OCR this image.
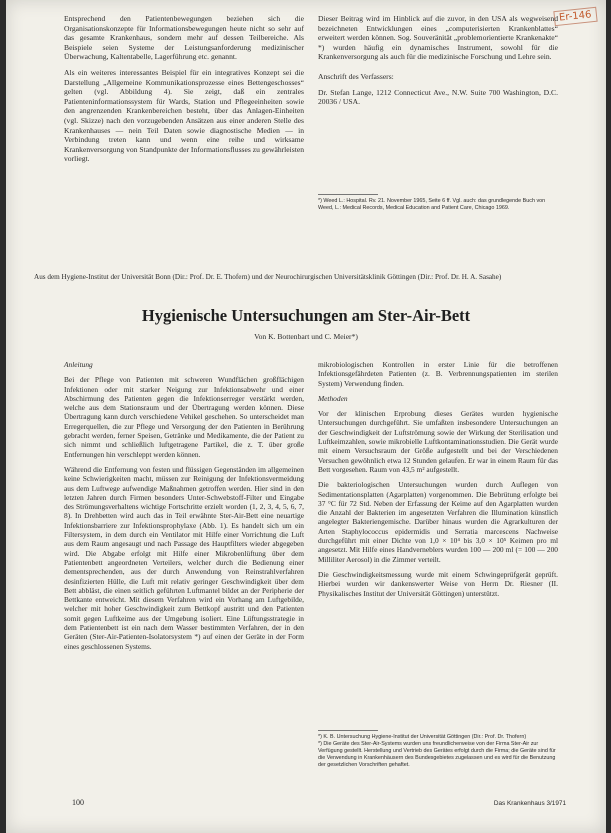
Er-146

Entsprechend den Patientenbewegungen beziehen sich die Organisationskonzepte für Informationsbewegungen heute nicht so sehr auf das gesamte Krankenhaus, sondern mehr auf dessen Teilbereiche. Als Beispiele seien Systeme der Leistungsanforderung medizinischer Überwachung, Kaltentabelle, Lagerführung etc. genannt.

Als ein weiteres interessantes Beispiel für ein integratives Konzept sei die Darstellung „Allgemeine Kommunikationsprozesse eines Bettengeschosses“ gelten (vgl. Abbildung 4). Sie zeigt, daß ein zentrales Patienteninformationssystem für Wards, Station und Pflegeeinheiten sowie den angrenzenden Krankenbereichen besteht, über das Anlagen-Einheiten (vgl. Skizze) nach den vorzugebenden Ansätzen aus einer anderen Stelle des Krankenhauses — nein Teil Daten sowie diagnostische Medien — in Verbindung treten kann und wenn eine reihe und wirksame Krankenversorgung von Standpunkte der Informationsflusses zu gewährleisten vorliegt.

Dieser Beitrag wird im Hinblick auf die zuvor, in den USA als wegweisend bezeichneten Entwicklungen eines „computerisierten Krankenblattes“ erweitert werden können. Sog. Souveränität „problemorientierte Krankenakte“ *) wurden häufig ein dynamisches Instrument, sowohl für die Krankenversorgung als auch für die medizinische Forschung und Lehre sein.

Anschrift des Verfassers:

Dr. Stefan Lange, 1212 Connecticut Ave., N.W. Suite 700 Washington, D.C. 20036 / USA.

*) Weed L.: Hospital. Rv. 21. November 1965, Seite 6 ff. Vgl. auch: das grundlegende Buch von Weed, L.: Medical Records, Medical Education and Patient Care, Chicago 1969.
Aus dem Hygiene-Institut der Universität Bonn (Dir.: Prof. Dr. E. Thofern) und der Neurochirurgischen Universitätsklinik Göttingen (Dir.: Prof. Dr. H. A. Sasahe)
Hygienische Untersuchungen am Ster-Air-Bett
Von K. Bottenbart und C. Meier*)

Anleitung

Bei der Pflege von Patienten mit schweren Wundflächen großflächigen Infektionen oder mit starker Neigung zur Infektionsabwehr und einer Abschirmung des Patienten gegen die Infektionserreger verstärkt werden, welche aus dem Stationsraum und der Übertragung werden können. Diese Übertragung kann durch verschiedene Vehikel geschehen. So unterscheidet man Erregerquellen, die zur Pflege und Versorgung der den Patienten in Berührung gebracht werden, ferner Speisen, Getränke und Medikamente, die der Patient zu sich nimmt und schließlich luftgetragene Partikel, die z. T. über große Entfernungen hin verschleppt werden können.

Während die Entfernung von festen und flüssigen Gegenständen im allgemeinen keine Schwierigkeiten macht, müssen zur Reinigung der Infektionsvermeidung aus dem Luftwege aufwendige Maßnahmen getroffen werden. Hier sind in den letzten Jahren durch Firmen besonders Unter-Schwebstoff-Filter und Eingabe des Strömungsverhaltens wichtige Fortschritte erzielt worden (1, 2, 3, 4, 5, 6, 7, 8). In Drehbetten wird auch das in Teil erwähnte Ster-Air-Bett eine neuartige Infektionsbarriere zur Infektionsprophylaxe (Abb. 1). Es handelt sich um ein Filtersystem, in dem durch ein Ventilator mit Hilfe einer Vorrichtung die Luft aus dem Raum angesaugt und nach Passage des Hauptfilters wieder abgegeben wird. Die Abgabe erfolgt mit Hilfe einer Mikrobenlüftung über dem Patientenbett angeordneten Verteilers, welcher durch die Bedienung einer dementsprechenden, aus der durch Anwendung von Reinstrahlverfahren desinfizierten Hülle, die Luft mit relativ geringer Geschwindigkeit über dem Bett abbläst, die einen seitlich geführten Luftmantel bildet an der Peripherie der Bettkante entweicht. Mit diesem Verfahren wird ein Vorhang am Luftgebilde, welcher mit hoher Geschwindigkeit zum Bettkopf austritt und den Patienten somit gegen Luftkeime aus der Umgebung isoliert. Eine Lüftungsstrategie in dem Patientenbett ist ein nach dem Wasser bestimmten Verfahren, der in den Geräten (Ster-Air-Patienten-Isolatorsystem *) auf einen der Geräte in der Form eines geschlossenen Systems.

mikrobiologischen Kontrollen in erster Linie für die betroffenen Infektionsgefährdeten Patienten (z. B. Verbrennungspatienten im sterilen System) Verwendung finden.

Methoden

Vor der klinischen Erprobung dieses Gerätes wurden hygienische Untersuchungen durchgeführt. Sie umfaßten insbesondere Untersuchungen an der Geschwindigkeit der Luftströmung sowie der Wirkung der Sterilisation und Luftkeimzahlen, sowie mikrobielle Luftkontaminationsstudien. Die Gerät wurde mit einem Versuchsraum der Größe aufgestellt und bei der Verschiedenen Versuchen gewöhnlich etwa 12 Stunden gelaufen. Er war in einem Raum für das Bett vorgesehen. Raum von 43,5 m² aufgestellt.

Die bakteriologischen Untersuchungen wurden durch Auflegen von Sedimentationsplatten (Agarplatten) vorgenommen. Die Bebrütung erfolgte bei 37 °C für 72 Std. Neben der Erfassung der Keime auf den Agarplatten wurden die Anzahl der Bakterien im angesetzten Verfahren die Illumination künstlich angelegter Bakteriengemische. Darüber hinaus wurden die Agrarkulturen der Arten Staphylococcus epidermidis und Serratia marcescens Nachweise durchgeführt mit einer Dichte von 1,0 × 10⁴ bis 3,0 × 10⁵ Keimen pro ml angesetzt. Mit Hilfe eines Handverneblers wurden 100 — 200 ml (= 100 — 200 Milliliter Aerosol) in die Zimmer verteilt.

Die Geschwindigkeitsmessung wurde mit einem Schwingeprüfgerät geprüft. Hierbei wurden wir dankenswerter Weise von Herrn Dr. Riesner (II. Physikalisches Institut der Universität Göttingen) unterstützt.

*) K. B. Untersuchung Hygiene-Institut der Universität Göttingen (Dir.: Prof. Dr. Thofern)
*) Die Geräte des Ster-Air-Systems wurden uns freundlicherweise von der Firma Ster-Air zur Verfügung gestellt. Herstellung und Vertrieb des Gerätes erfolgt durch die Firma; die Geräte sind für die Verwendung in Krankenhäusern des Bundesgebietes zugelassen und es wird für die Benutzung der gesetzlichen Vorschriften gehaftet.
100	Das Krankenhaus 3/1971
